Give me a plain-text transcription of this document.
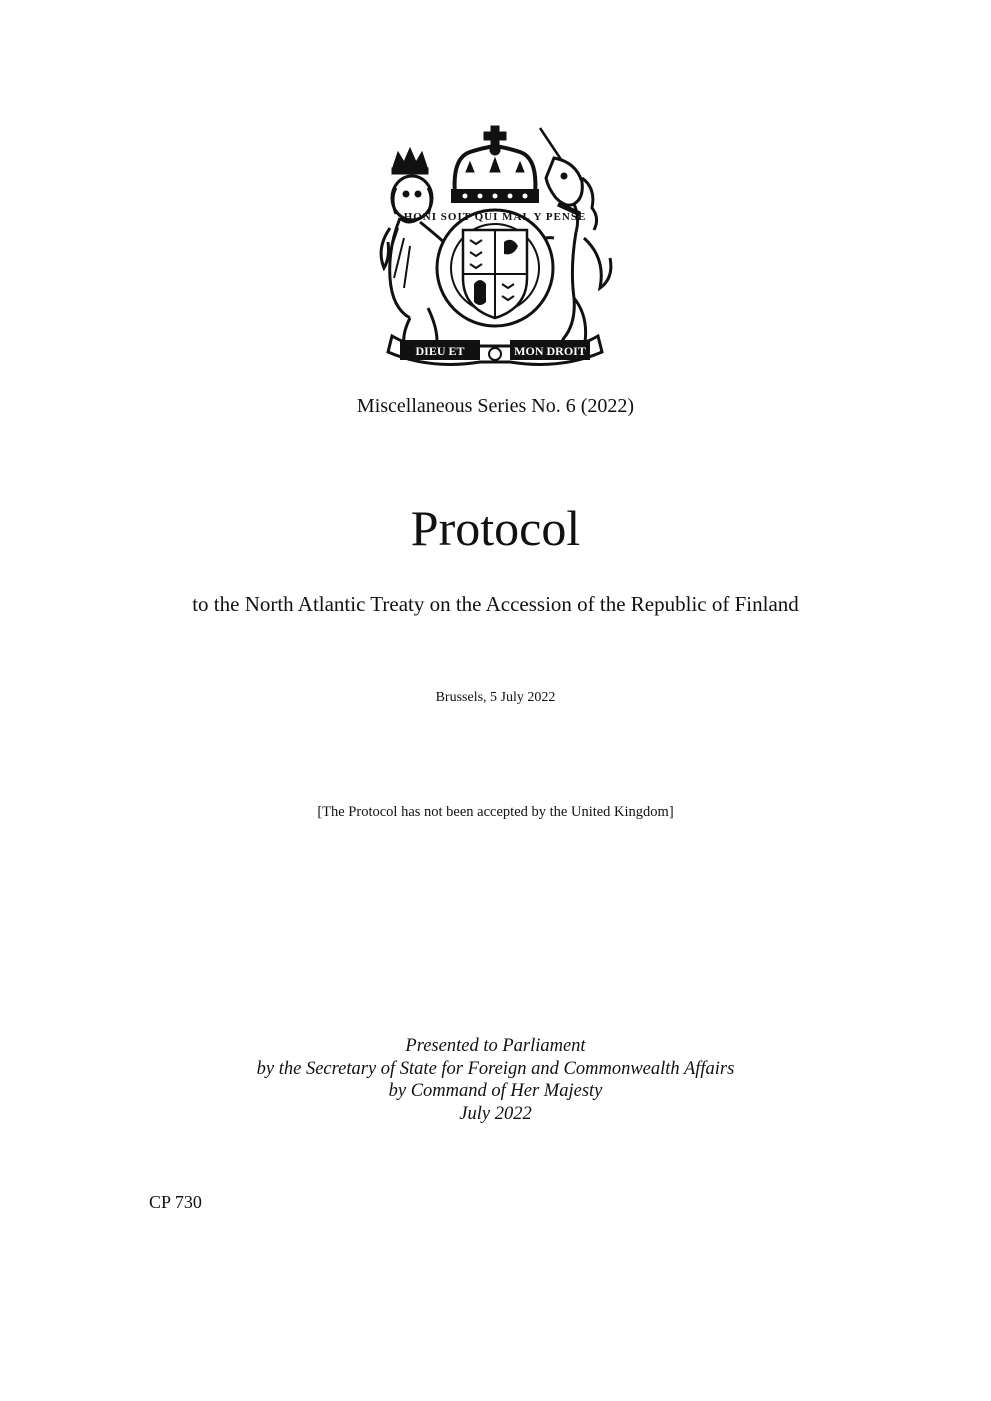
HONI SOIT QUI MAL Y PENSE
DIEU ET	MON DROIT
Miscellaneous Series No. 6 (2022)
Protocol
to the North Atlantic Treaty on the Accession of the Republic of Finland
Brussels, 5 July 2022
[The Protocol has not been accepted by the United Kingdom]
Presented to Parliament
by the Secretary of State for Foreign and Commonwealth Affairs
by Command of Her Majesty
July 2022
CP 730
